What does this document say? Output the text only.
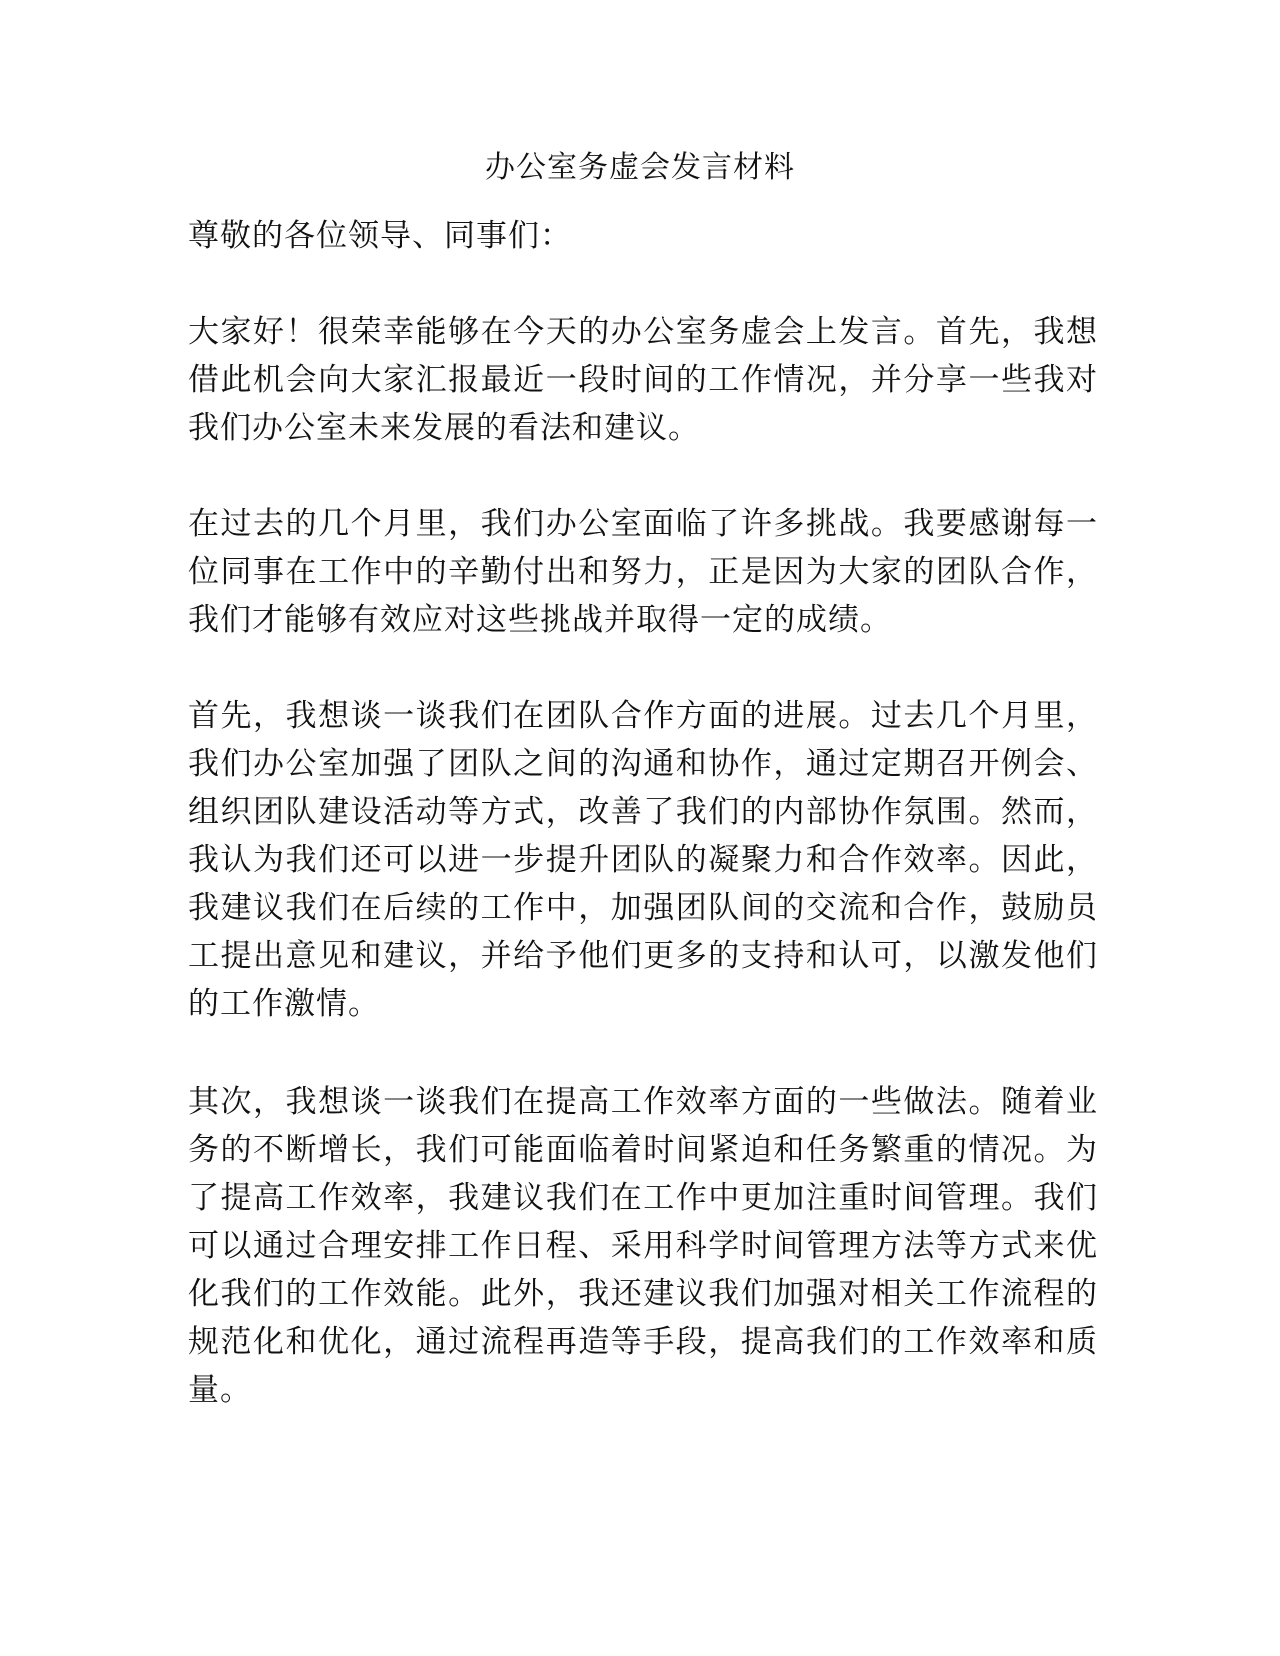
办公室务虚会发言材料

尊敬的各位领导、同事们：

大家好！很荣幸能够在今天的办公室务虚会上发言。首先，我想借此机会向大家汇报最近一段时间的工作情况，并分享一些我对我们办公室未来发展的看法和建议。

在过去的几个月里，我们办公室面临了许多挑战。我要感谢每一位同事在工作中的辛勤付出和努力，正是因为大家的团队合作，我们才能够有效应对这些挑战并取得一定的成绩。

首先，我想谈一谈我们在团队合作方面的进展。过去几个月里，我们办公室加强了团队之间的沟通和协作，通过定期召开例会、组织团队建设活动等方式，改善了我们的内部协作氛围。然而，我认为我们还可以进一步提升团队的凝聚力和合作效率。因此，我建议我们在后续的工作中，加强团队间的交流和合作，鼓励员工提出意见和建议，并给予他们更多的支持和认可，以激发他们的工作激情。

其次，我想谈一谈我们在提高工作效率方面的一些做法。随着业务的不断增长，我们可能面临着时间紧迫和任务繁重的情况。为了提高工作效率，我建议我们在工作中更加注重时间管理。我们可以通过合理安排工作日程、采用科学时间管理方法等方式来优化我们的工作效能。此外，我还建议我们加强对相关工作流程的规范化和优化，通过流程再造等手段，提高我们的工作效率和质量。
